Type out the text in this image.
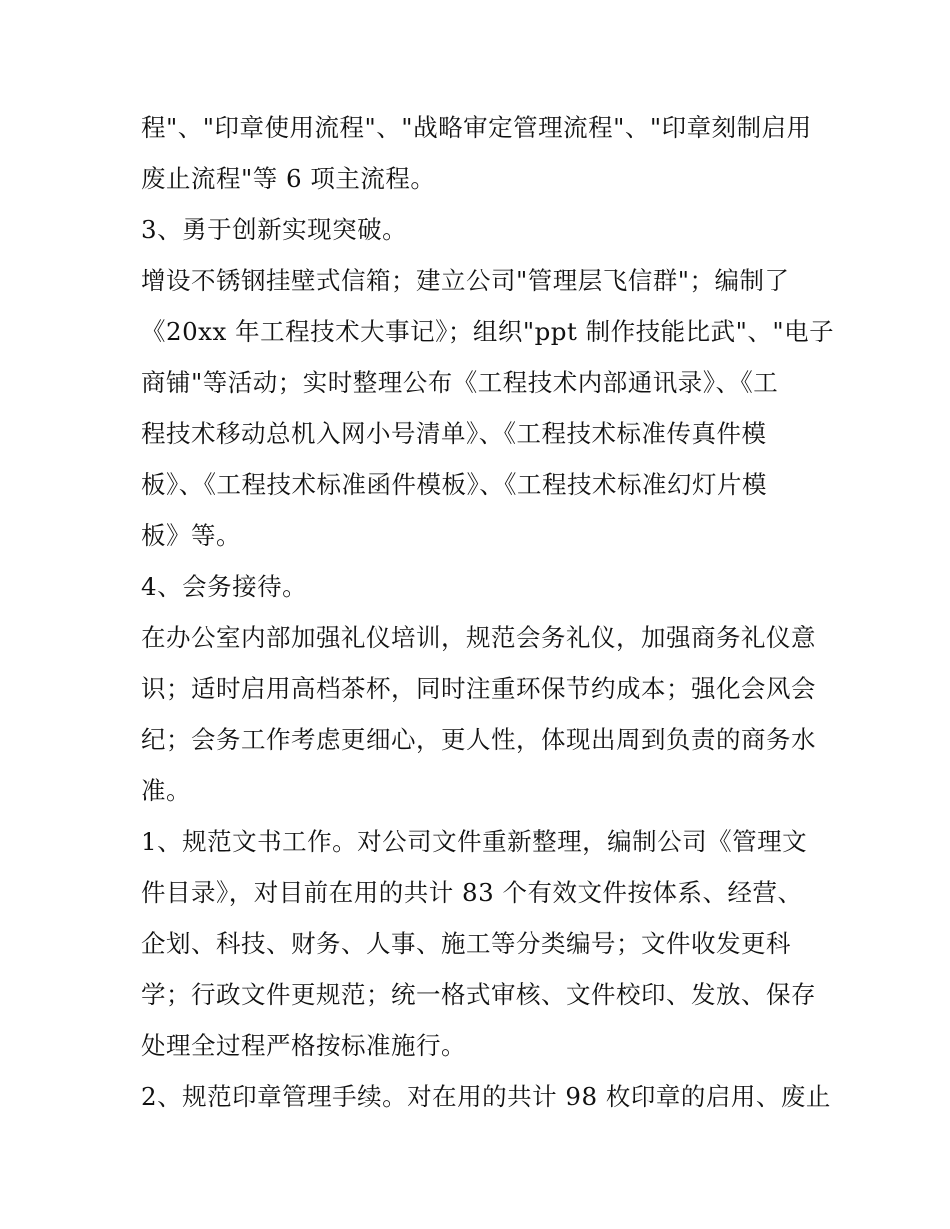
程"、"印章使用流程"、"战略审定管理流程"、"印章刻制启用
废止流程"等 6 项主流程。
3、勇于创新实现突破。
增设不锈钢挂壁式信箱；建立公司"管理层飞信群"；编制了
《20xx 年工程技术大事记》；组织"ppt 制作技能比武"、"电子
商铺"等活动；实时整理公布《工程技术内部通讯录》、《工
程技术移动总机入网小号清单》、《工程技术标准传真件模
板》、《工程技术标准函件模板》、《工程技术标准幻灯片模
板》等。
4、会务接待。
在办公室内部加强礼仪培训，规范会务礼仪，加强商务礼仪意
识；适时启用高档茶杯，同时注重环保节约成本；强化会风会
纪；会务工作考虑更细心，更人性，体现出周到负责的商务水
准。
1、规范文书工作。对公司文件重新整理，编制公司《管理文
件目录》，对目前在用的共计 83 个有效文件按体系、经营、
企划、科技、财务、人事、施工等分类编号；文件收发更科
学；行政文件更规范；统一格式审核、文件校印、发放、保存
处理全过程严格按标准施行。
2、规范印章管理手续。对在用的共计 98 枚印章的启用、废止
